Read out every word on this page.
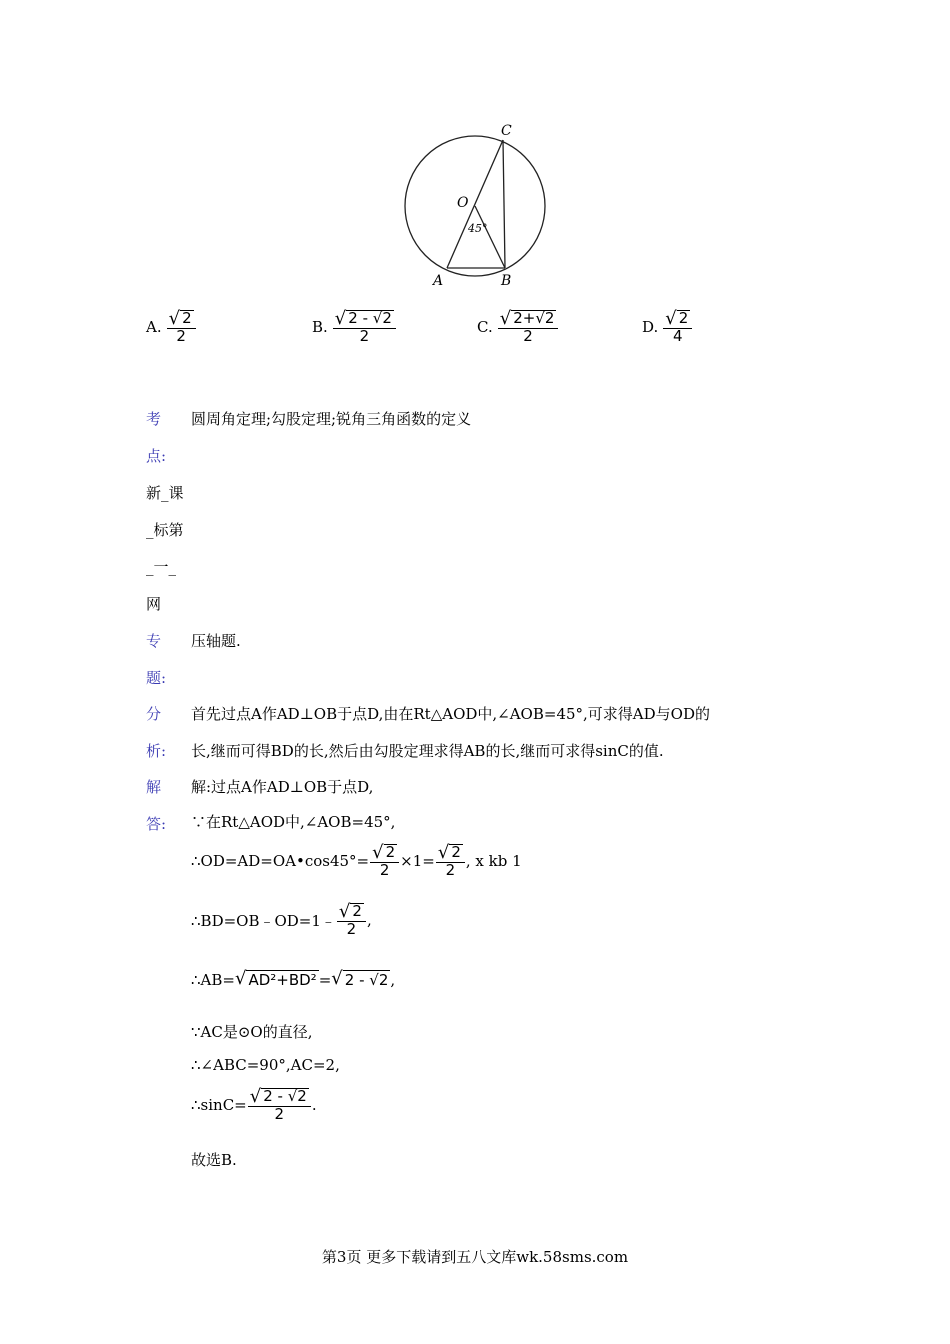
C
O
A	B
45°
A. $\frac{√ 2}{2}$	B. $\frac{√ 2 - √2}{2}$	C. $\frac{√ 2+√2}{2}$	D. $\frac{√ 2}{4}$
考
点:
圆周角定理;勾股定理;锐角三角函数的定义
新_课
_标第
_一_
网
专
题:
压轴题.
分
析:
首先过点A作AD⊥OB于点D,由在Rt△AOD中,∠AOB=45°,可求得AD与OD的
长,继而可得BD的长,然后由勾股定理求得AB的长,继而可求得sinC的值.
解
答:
解:过点A作AD⊥OB于点D,
∵在Rt△AOD中,∠AOB=45°,
∴OD=AD=OA•cos45°= $\frac{√ 2}{2} \times 1= \frac{√ 2}{2}$ , x kb 1
∴BD=OB﹣OD=1﹣ $\frac{√ 2}{2}$ ,
∴AB= √ AD²+BD² = √ 2 - √2 ,
∵AC是⊙O的直径,
∴∠ABC=90°,AC=2,
∴sinC= $\frac{√ 2 - √2}{2}$ .
故选B.
第3页 更多下载请到五八文库wk.58sms.com
